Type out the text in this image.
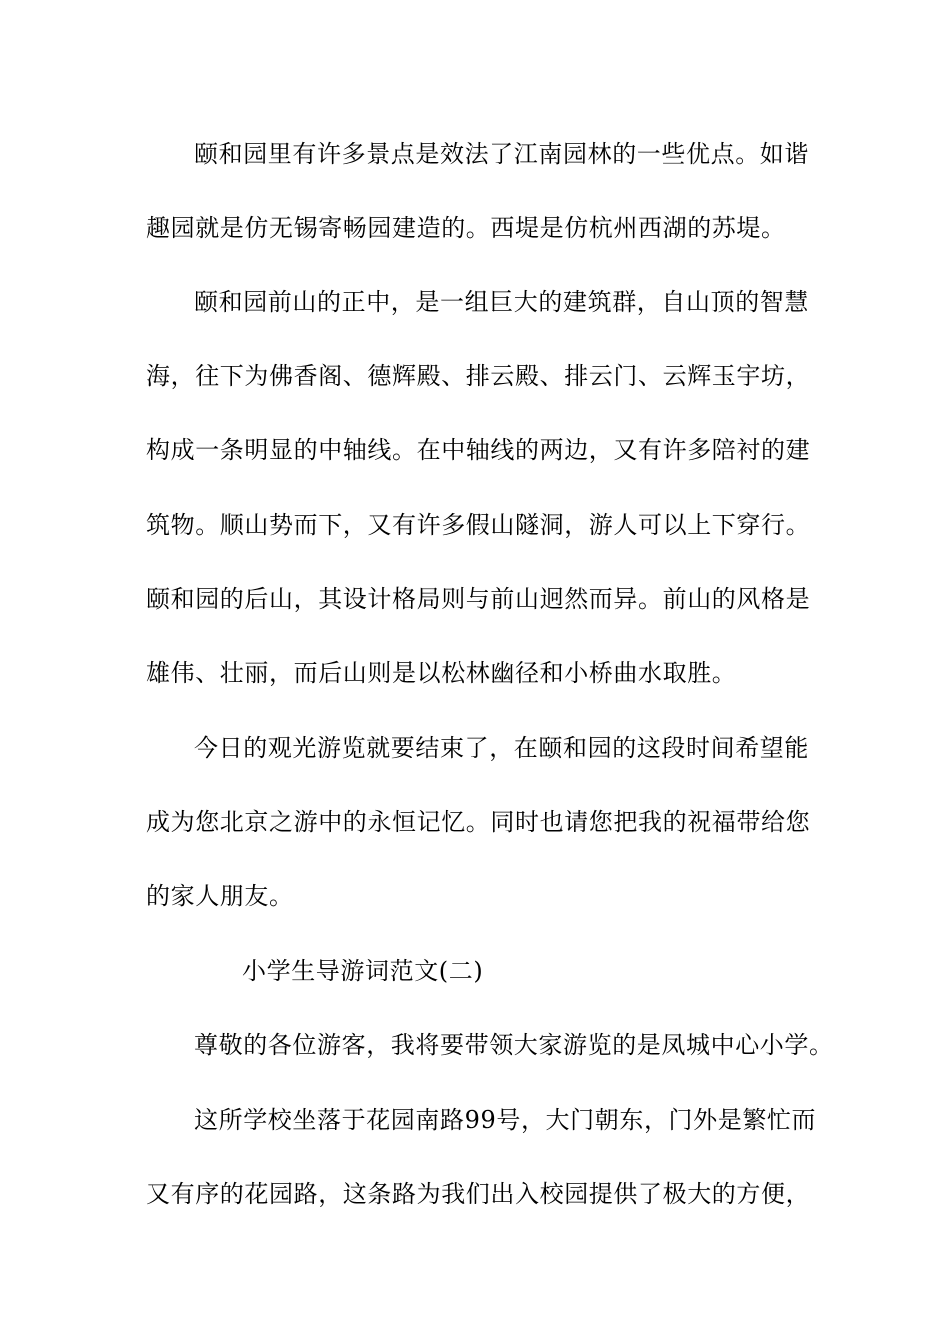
颐和园里有许多景点是效法了江南园林的一些优点。如谐
趣园就是仿无锡寄畅园建造的。西堤是仿杭州西湖的苏堤。
颐和园前山的正中，是一组巨大的建筑群，自山顶的智慧
海，往下为佛香阁、德辉殿、排云殿、排云门、云辉玉宇坊，
构成一条明显的中轴线。在中轴线的两边，又有许多陪衬的建
筑物。顺山势而下，又有许多假山隧洞，游人可以上下穿行。
颐和园的后山，其设计格局则与前山迥然而异。前山的风格是
雄伟、壮丽，而后山则是以松林幽径和小桥曲水取胜。
今日的观光游览就要结束了，在颐和园的这段时间希望能
成为您北京之游中的永恒记忆。同时也请您把我的祝福带给您
的家人朋友。
小学生导游词范文(二)
尊敬的各位游客，我将要带领大家游览的是凤城中心小学。
这所学校坐落于花园南路99号，大门朝东，门外是繁忙而
又有序的花园路，这条路为我们出入校园提供了极大的方便，
